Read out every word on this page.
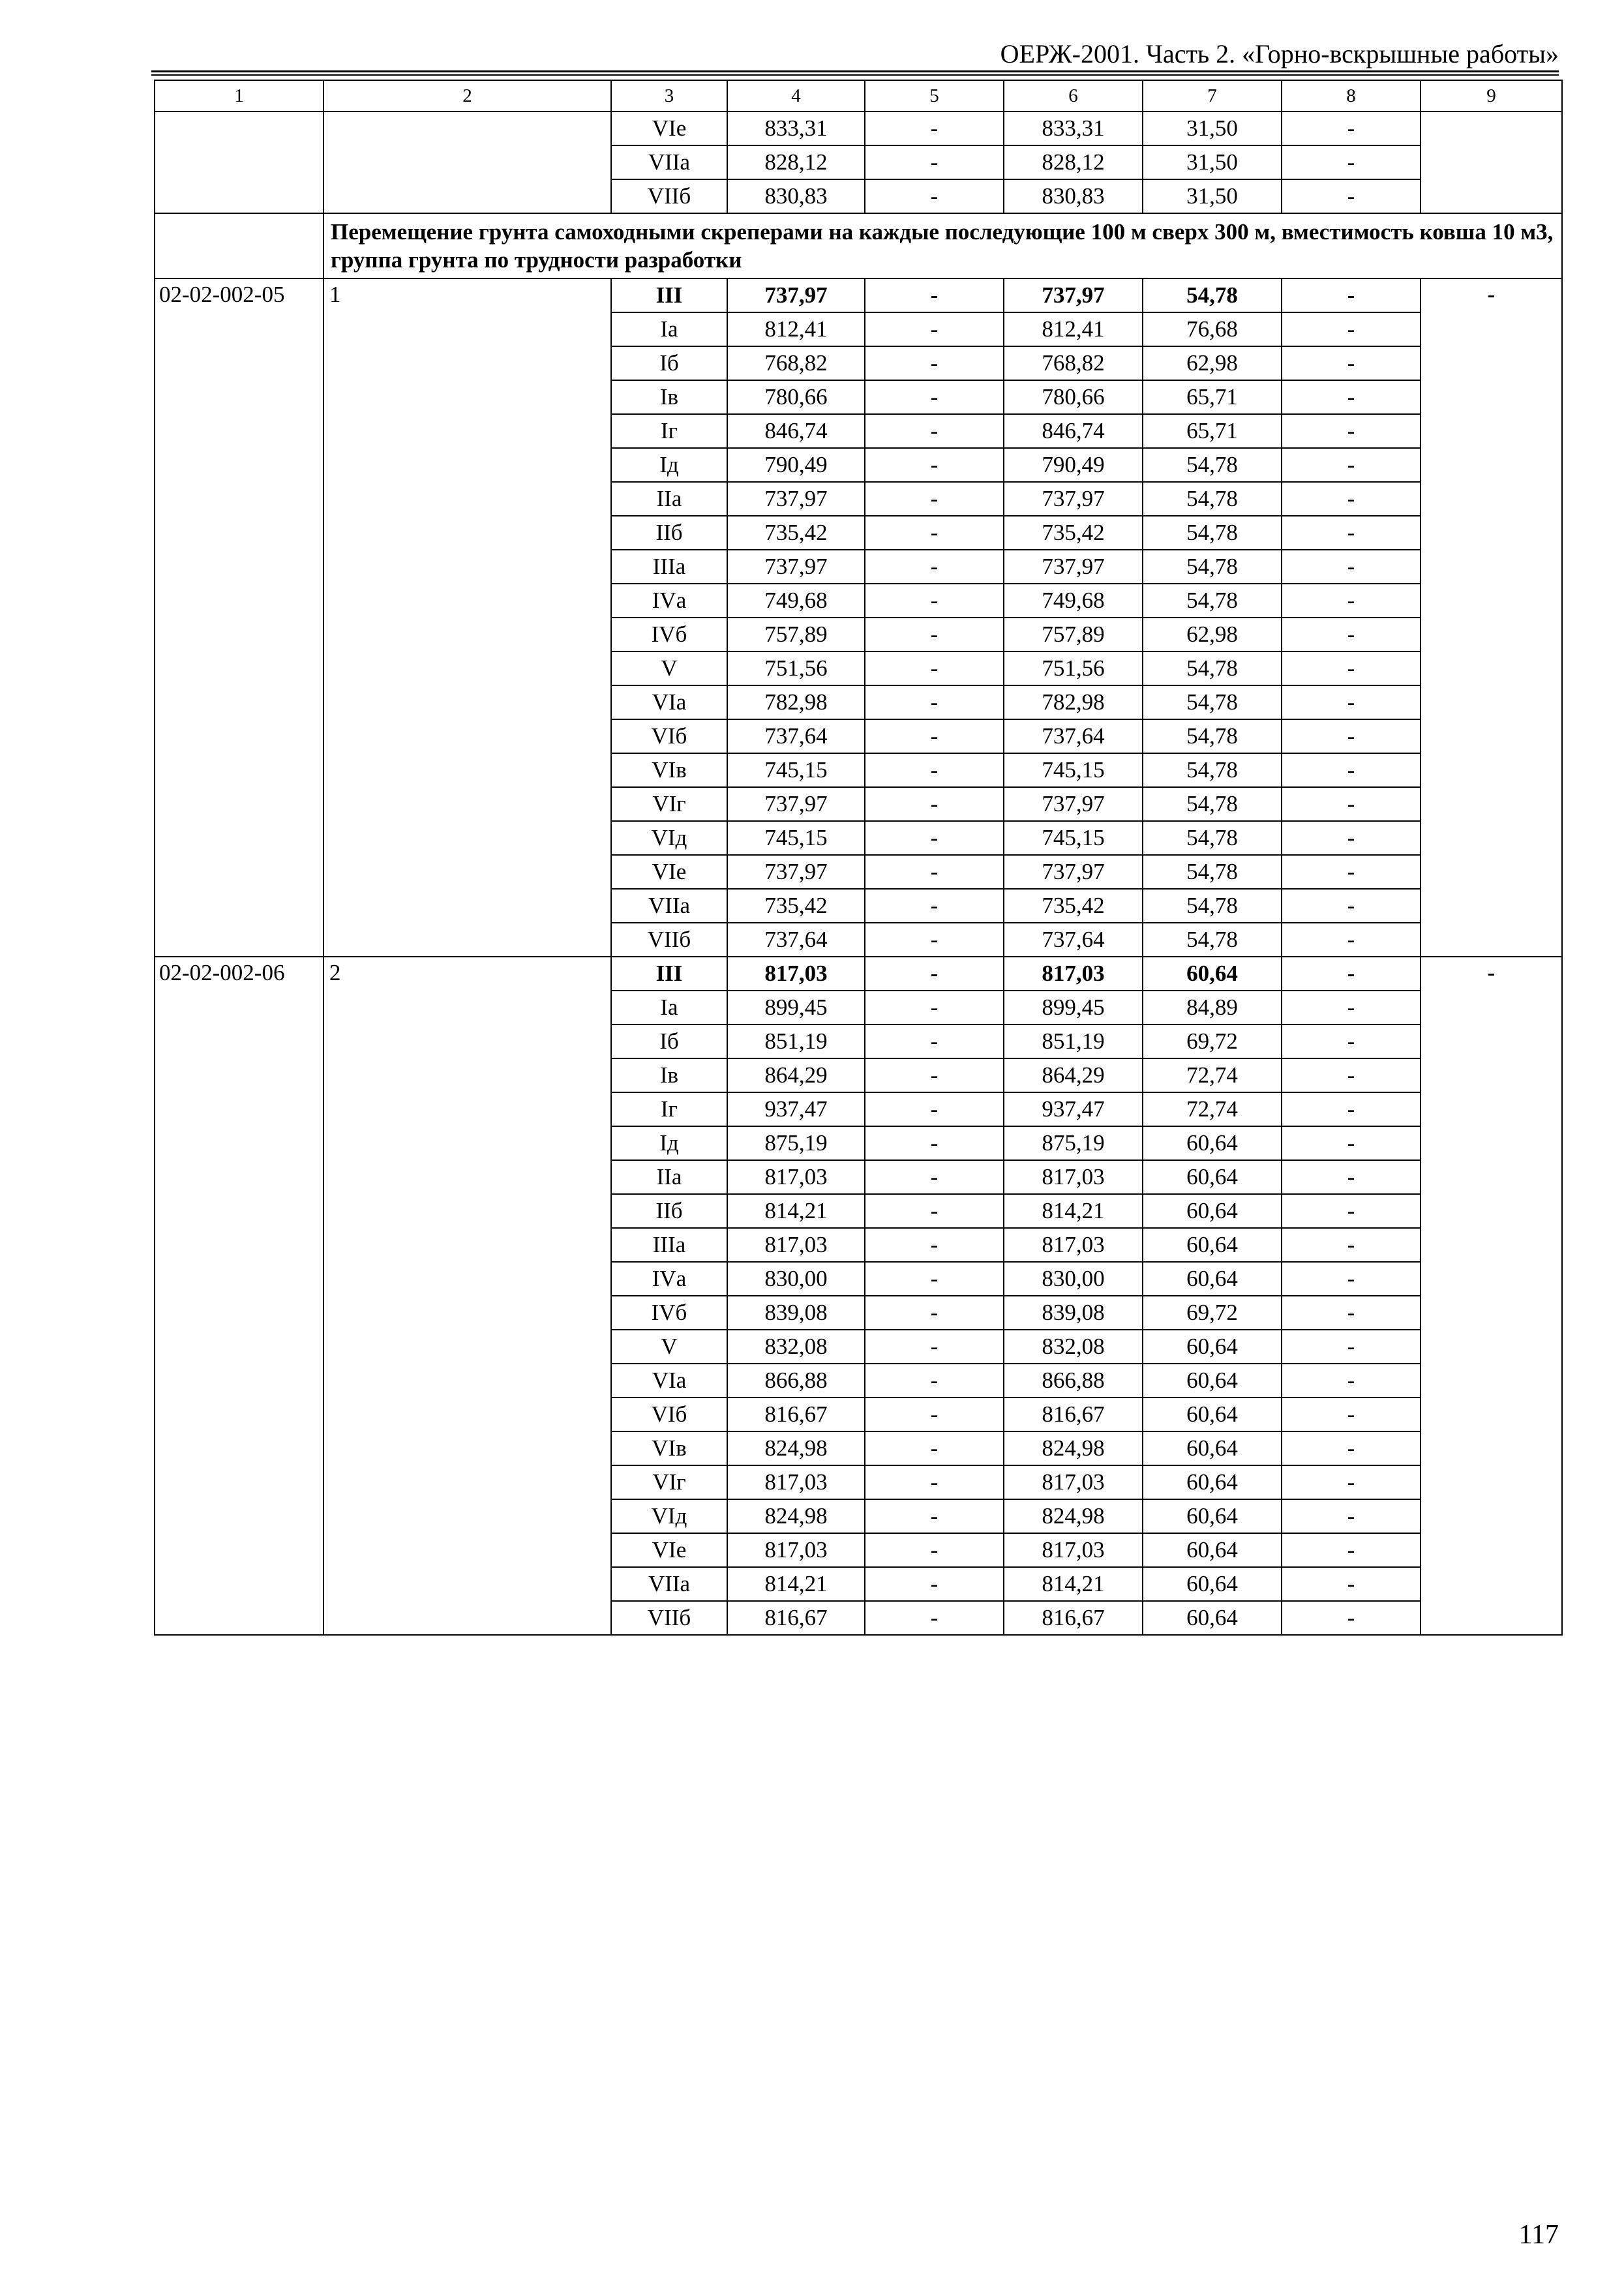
ОЕРЖ-2001. Часть 2. «Горно-вскрышные работы»
1	2	3	4	5	6	7	8	9
		VIе	833,31	-	833,31	31,50	-	
		VIIа	828,12	-	828,12	31,50	-	
		VIIб	830,83	-	830,83	31,50	-	
	Перемещение грунта самоходными скреперами на каждые последующие 100 м сверх 300 м, вместимость ковша 10 м3, группа грунта по трудности разработки							
02-02-002-05	1	III	737,97	-	737,97	54,78	-	-
		Iа	812,41	-	812,41	76,68	-	
		Iб	768,82	-	768,82	62,98	-	
		Iв	780,66	-	780,66	65,71	-	
		Iг	846,74	-	846,74	65,71	-	
		Iд	790,49	-	790,49	54,78	-	
		IIа	737,97	-	737,97	54,78	-	
		IIб	735,42	-	735,42	54,78	-	
		IIIа	737,97	-	737,97	54,78	-	
		IVа	749,68	-	749,68	54,78	-	
		IVб	757,89	-	757,89	62,98	-	
		V	751,56	-	751,56	54,78	-	
		VIа	782,98	-	782,98	54,78	-	
		VIб	737,64	-	737,64	54,78	-	
		VIв	745,15	-	745,15	54,78	-	
		VIг	737,97	-	737,97	54,78	-	
		VIд	745,15	-	745,15	54,78	-	
		VIе	737,97	-	737,97	54,78	-	
		VIIа	735,42	-	735,42	54,78	-	
		VIIб	737,64	-	737,64	54,78	-	
02-02-002-06	2	III	817,03	-	817,03	60,64	-	-
		Iа	899,45	-	899,45	84,89	-	
		Iб	851,19	-	851,19	69,72	-	
		Iв	864,29	-	864,29	72,74	-	
		Iг	937,47	-	937,47	72,74	-	
		Iд	875,19	-	875,19	60,64	-	
		IIа	817,03	-	817,03	60,64	-	
		IIб	814,21	-	814,21	60,64	-	
		IIIа	817,03	-	817,03	60,64	-	
		IVа	830,00	-	830,00	60,64	-	
		IVб	839,08	-	839,08	69,72	-	
		V	832,08	-	832,08	60,64	-	
		VIа	866,88	-	866,88	60,64	-	
		VIб	816,67	-	816,67	60,64	-	
		VIв	824,98	-	824,98	60,64	-	
		VIг	817,03	-	817,03	60,64	-	
		VIд	824,98	-	824,98	60,64	-	
		VIе	817,03	-	817,03	60,64	-	
		VIIа	814,21	-	814,21	60,64	-	
		VIIб	816,67	-	816,67	60,64	-	
117
